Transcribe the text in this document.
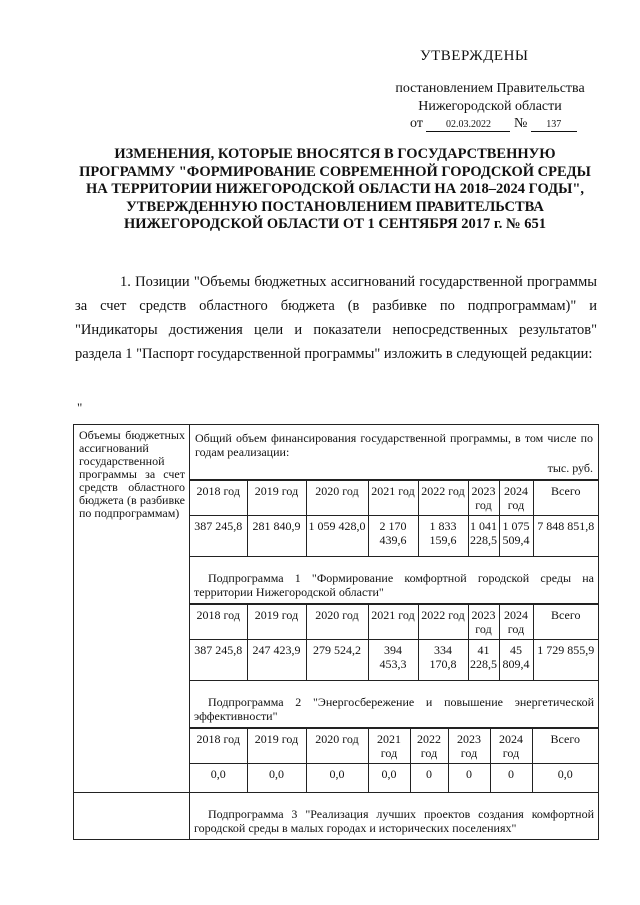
УТВЕРЖДЕНЫ
постановлением Правительства
Нижегородской области
от 02.03.2022 № 137
ИЗМЕНЕНИЯ, КОТОРЫЕ ВНОСЯТСЯ В ГОСУДАРСТВЕННУЮ ПРОГРАММУ "ФОРМИРОВАНИЕ СОВРЕМЕННОЙ ГОРОДСКОЙ СРЕДЫ НА ТЕРРИТОРИИ НИЖЕГОРОДСКОЙ ОБЛАСТИ НА 2018–2024 ГОДЫ", УТВЕРЖДЕННУЮ ПОСТАНОВЛЕНИЕМ ПРАВИТЕЛЬСТВА НИЖЕГОРОДСКОЙ ОБЛАСТИ ОТ 1 СЕНТЯБРЯ 2017 г. № 651
1. Позиции "Объемы бюджетных ассигнований государственной программы за счет средств областного бюджета (в разбивке по подпрограммам)" и "Индикаторы достижения цели и показатели непосредственных результатов" раздела 1 "Паспорт государственной программы" изложить в следующей редакции:
"
Объемы бюджетных ассигнований государственной программы за счет средств областного бюджета (в разбивке по подпрограммам)

Общий объем финансирования государственной программы, в том числе по годам реализации:
тыс. руб.

2018 год	2019 год	2020 год	2021 год	2022 год	2023 год	2024 год	Всего
387 245,8	281 840,9	1 059 428,0	2 170 439,6	1 833 159,6	1 041 228,5	1 075 509,4	7 848 851,8

Подпрограмма 1 "Формирование комфортной городской среды на территории Нижегородской области"

2018 год	2019 год	2020 год	2021 год	2022 год	2023 год	2024 год	Всего
387 245,8	247 423,9	279 524,2	394 453,3	334 170,8	41 228,5	45 809,4	1 729 855,9

Подпрограмма 2 "Энергосбережение и повышение энергетической эффективности"

2018 год	2019 год	2020 год	2021 год	2022 год	2023 год	2024 год	Всего
0,0	0,0	0,0	0,0	0	0	0	0,0

Подпрограмма 3 "Реализация лучших проектов создания комфортной городской среды в малых городах и исторических поселениях"
